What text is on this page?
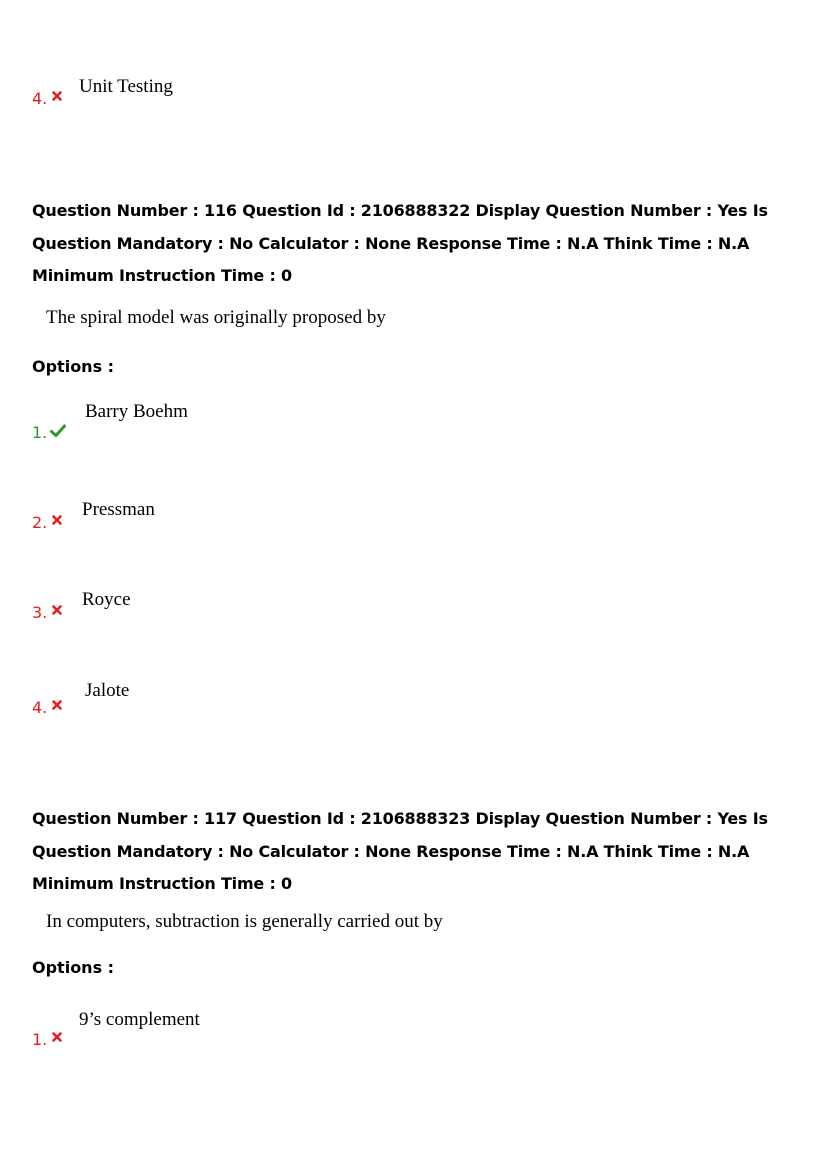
4.
Unit Testing
Question Number : 116 Question Id : 2106888322 Display Question Number : Yes Is Question Mandatory : No Calculator : None Response Time : N.A Think Time : N.A Minimum Instruction Time : 0
The spiral model was originally proposed by
Options :
1.
Barry Boehm
2.
Pressman
3.
Royce
4.
Jalote
Question Number : 117 Question Id : 2106888323 Display Question Number : Yes Is Question Mandatory : No Calculator : None Response Time : N.A Think Time : N.A Minimum Instruction Time : 0
In computers, subtraction is generally carried out by
Options :
1.
9’s complement
